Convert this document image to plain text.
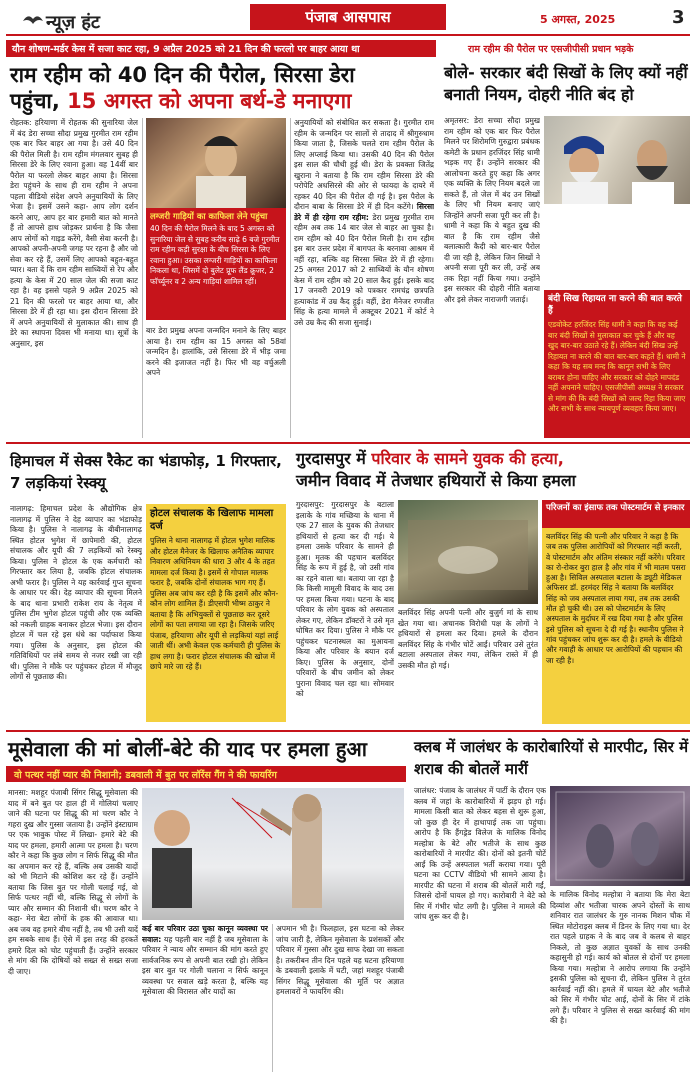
न्यूज़ हंट	पंजाब आसपास	5 अगस्त, 2025	3
यौन शोषण-मर्डर केस में सजा काट रहा, 9 अप्रैल 2025 को 21 दिन की फरलो पर बाहर आया था	राम रहीम की पैरोल पर एसजीपीसी प्रधान भड़के
राम रहीम को 40 दिन की पैरोल, सिरसा डेरा
पहुंचा, 15 अगस्त को अपना बर्थ-डे मनाएगा
रोहतक: हरियाणा में रोहतक की सुनारिया जेल में बंद डेरा सच्चा सौदा प्रमुख गुरमीत राम रहीम एक बार फिर बाहर आ गया है। उसे 40 दिन की पैरोल मिली है। राम रहीम मंगलवार सुबह ही सिरसा डेरे के लिए रवाना हुआ। वह 14वीं बार पैरोल या फरलो लेकर बाहर आया है। सिरसा डेरा पहुंचने के साथ ही राम रहीम ने अपना पहला वीडियो संदेश अपने अनुयायियों के लिए भेजा है। इसमें उसने कहा- आप लोग दर्शन करने आए, आप हर बार हमारी बात को मानते हैं तो आपसे हाथ जोड़कर प्रार्थना है कि जैसा आप लोगों को गाइड करेंगे, वैसी सेवा करनी है। आपको अपनी-अपनी जगह पर रहना है और जो सेवा कर रहे हैं, उसमें लिए आपको बहुत-बहुत प्यार। बता दें कि राम रहीम साध्वियों से रेप और हत्या के केस में 20 साल जेल की सजा काट रहा है। वह इससे पहले 9 अप्रैल 2025 को 21 दिन की फरलो पर बाहर आया था, और सिरसा डेरे में ही रहा था। इस दौरान सिरसा डेरे में अपने अनुयायियों से मुलाकात की। साथ ही डेरे का स्थापना दिवस भी मनाया था। सूत्रों के अनुसार, इस
लग्जरी गाड़ियों का काफिला लेने पहुंचा
40 दिन की पैरोल मिलने के बाद 5 अगस्त को सुनारिया जेल से सुबह करीब साढ़े 6 बजे गुरमीत राम रहीम कड़ी सुरक्षा के बीच सिरसा के लिए रवाना हुआ। उसका लग्जरी गाड़ियों का काफिला निकला था, जिसमें दो बुलेट प्रूफ लैंड क्रूजर, 2 फॉर्च्यूनर व 2 अन्य गाड़ियां शामिल रहीं।
बार डेरा प्रमुख अपना जन्मदिन मनाने के लिए बाहर आया है। राम रहीम का 15 अगस्त को 58वां जन्मदिन है। हालांकि, उसे सिरसा डेरे में भीड़ जमा करने की इजाजत नहीं है। फिर भी वह वर्चुअली अपने
अनुयायियों को संबोधित कर सकता है। गुरमीत राम रहीम के जन्मदिन पर सालों से तादाद में श्रीगुरुधाम किया जाता है, जिसके चलते राम रहीम पैरोल के लिए अप्लाई किया था। उसकी 40 दिन की पैरोल इस साल की चौथी हुई थी। डेरा के प्रवक्ता जितेंद्र खुराना ने बताया है कि राम रहीम सिरसा डेरे की परोपेटि अधसिरसे की ओर से फायदा के दायरे में रहकर 40 दिन की पैरोल दी गई है। इस पैरोल के दौरान बाबा के सिरसा डेरे में ही दिन कटेंगे। सिरसा डेरे में ही रहेगा राम रहीम: डेरा प्रमुख गुरमीत राम रहीम अब तक 14 बार जेल से बाहर आ चुका है। राम रहीम को 40 दिन पैरोल मिली है। राम रहीम इस बार उत्तर प्रदेश में बागपत के बरनावा आश्रम में नहीं रहा, बल्कि वह सिरसा स्थित डेरे में ही रहेगा। 25 अगस्त 2017 को 2 साध्वियों के यौन शोषण केस में राम रहीम को 20 साल कैद हुई। इसके बाद 17 जनवरी 2019 को पत्रकार रामचंद्र छत्रपति हत्याकांड में उम्र कैद हुई। वहीं, डेरा मैनेजर रणजीत सिंह के हत्या मामले में अक्टूबर 2021 में कोर्ट ने उसे उम्र कैद की सजा सुनाई।
बोले- सरकार बंदी सिखों के लिए क्यों नहीं बनाती नियम, दोहरी नीति बंद हो
अमृतसर: डेरा सच्चा सौदा प्रमुख राम रहीम को एक बार फिर पैरोल मिलने पर शिरोमणि गुरुद्वारा प्रबंधक कमेटी के प्रधान हरजिंदर सिंह धामी भड़क गए हैं। उन्होंने सरकार की आलोचना करते हुए कहा कि अगर एक व्यक्ति के लिए नियम बदले जा सकते हैं, तो जेल में बंद उन सिखों के लिए भी नियम बनाए जाएं जिन्होंने अपनी सजा पूरी कर ली है। धामी ने कहा कि ये बहुत दुख की बात है कि राम रहीम जैसे बलात्कारी कैदी को बार-बार पैरोल दी जा रही है, लेकिन जिन सिखों ने अपनी सजा पूरी कर ली, उन्हें अब तक रिहा नहीं किया गया। उन्होंने इस सरकार की दोहरी नीति बताया और इसे लेकर नाराजगी जताई।	बंदी सिख रिहायत ना करने की बात करते हैं
एडवोकेट हरजिंदर सिंह धामी ने कहा कि वह कई बार बंदी सिखों से मुलाकात कर चुके हैं और वह खुद बार-बार उठाते रहे हैं। लेकिन बंदी सिख उन्हें रिहायत ना करने की बात बार-बार कहते हैं। धामी ने कहा कि यह सब मन्द कि कानून सभी के लिए बराबर होना चाहिए और सरकार को दोहरे मापदंड नहीं अपनाने चाहिए। एसजीपीसी अध्यक्ष ने सरकार से मांग की कि बंदी सिखों को जल्द रिहा किया जाए और सभी के साथ न्यायपूर्ण व्यवहार किया जाए।
हिमाचल में सेक्स रैकेट का भंडाफोड़, 1 गिरफ्तार, 7 लड़कियां रेस्क्यू
नालागढ़: हिमाचल प्रदेश के औद्योगिक क्षेत्र नालागढ़ में पुलिस ने देह व्यापार का भंडाफोड़ किया है। पुलिस ने नालागढ़ के बीबीनालागढ़ स्थित होटल भुगेश में छापेमारी की, होटल संचालक और यूपी की 7 लड़कियों को रेस्क्यू किया। पुलिस ने होटल के एक कर्मचारी को गिरफ्तार कर लिया है, जबकि होटल संचालक अभी फरार है। पुलिस ने यह कार्रवाई गुप्त सूचना के आधार पर की। देह व्यापार की सूचना मिलने के बाद थाना प्रभारी राकेश राय के नेतृत्व में पुलिस टीम भुगेश होटल पहुंची और एक व्यक्ति को नकली ग्राहक बनाकर होटल भेजा। इस दौरान होटल में चल रहे इस धंधे का पर्दाफाश किया गया। पुलिस के अनुसार, इस होटल की गतिविधियों पर लंबे समय से नजर रखी जा रही थी। पुलिस ने मौके पर पहुंचकर होटल में मौजूद लोगों से पूछताछ की।
होटल संचालक के खिलाफ मामला दर्ज
पुलिस ने थाना नालागढ़ में होटल भुगेश मालिक और होटल मैनेजर के खिलाफ अनैतिक व्यापार निवारण अधिनियम की धारा 3 और 4 के तहत मामला दर्ज किया है। इसमें से गोपाल मालक फरार है, जबकि दोनों संचालक भाग गए हैं। पुलिस अब जांच कर रही है कि इसमें और कौन-कौन लोग शामिल हैं। डीएसपी भीष्म ठाकुर ने बताया है कि अभियुक्तों से पूछताछ कर दूसरे लोगों का पता लगाया जा रहा है। जिसके जरिए पंजाब, हरियाणा और यूपी से लड़कियां यहां लाई जाती थीं। अभी केवल एक कर्मचारी ही पुलिस के हाथ लगा है। फरार होटल संचालक की खोज में छापे मारे जा रहे हैं।
गुरदासपुर में परिवार के सामने युवक की हत्या,
जमीन विवाद में तेजधार हथियारों से किया हमला
गुरदासपुर: गुरदासपुर के बटाला इलाके के गांव मच्छिया के थाना में एक 27 साल के युवक की तेजधार हथियारों से हत्या कर दी गई। ये हमला उसके परिवार के सामने ही हुआ। मृतक की पहचान बलविंदर सिंह के रूप में हुई है, जो उसी गांव का रहने वाला था। बताया जा रहा है कि किसी मामूली विवाद के बाद उस पर हमला किया गया। घटना के बाद परिवार के लोग युवक को अस्पताल लेकर गए, लेकिन डॉक्टरों ने उसे मृत घोषित कर दिया। पुलिस ने मौके पर पहुंचकर घटनास्थल का मुआयना किया और परिवार के बयान दर्ज किए। पुलिस के अनुसार, दोनों परिवारों के बीच जमीन को लेकर पुराना विवाद चल रहा था। सोमवार को
बलविंदर सिंह अपनी पत्नी और बुजुर्ग मां के साथ खेत गया था। अचानक विरोधी पक्ष के लोगों ने हथियारों से हमला कर दिया। हमले के दौरान बलविंदर सिंह के गंभीर चोटें आईं। परिवार उसे तुरंत बटाला अस्पताल लेकर गया, लेकिन रास्ते में ही उसकी मौत हो गई।
परिजनों का इंसाफ तक पोस्टमार्टम से इनकार
बलविंदर सिंह की पत्नी और परिवार ने कहा है कि जब तक पुलिस आरोपियों को गिरफ्तार नहीं करती, वे पोस्टमार्टम और अंतिम संस्कार नहीं करेंगे। परिवार का रो-रोकर बुरा हाल है और गांव में भी मातम पसरा हुआ है। सिविल अस्पताल बटाला के ड्यूटी मेडिकल अफिसर डॉ. हरमंदर सिंह ने बताया कि बलविंदर सिंह को जब अस्पताल लाया गया, तब तक उसकी मौत हो चुकी थी। उस को पोस्टमार्टम के लिए अस्पताल के मुर्दाघर में रख दिया गया है और पुलिस इसे पुलिस को सूचना दे दी गई है। स्थानीय पुलिस ने गांव पहुंचकर जांच शुरू कर दी है। हमले के वीडियो और गवाही के आधार पर आरोपियों की पहचान की जा रही है।
मूसेवाला की मां बोलीं-बेटे की याद पर हमला हुआ
वो पत्थर नहीं प्यार की निशानी; डबवाली में बुत पर लॉरेंस गैंग ने की फायरिंग
मानसा: मशहूर पंजाबी सिंगर सिद्धू मूसेवाला की याद में बने बुत पर हाल ही में गोलियां चलाए जाने की घटना पर सिद्धू की मां चरण कौर ने गहरा दुख और गुस्सा जताया है। उन्होंने इंस्टाग्राम पर एक भावुक पोस्ट में लिखा- हमारे बेटे की याद पर हमला, हमारी आत्मा पर हमला है। चरण कौर ने कहा कि कुछ लोग न सिर्फ सिद्धू की मौत का अपमान कर रहे हैं, बल्कि अब उसकी यादों को भी मिटाने की कोशिश कर रहे हैं। उन्होंने बताया कि जिस बुत पर गोली चलाई गई, वो सिर्फ पत्थर नहीं थी, बल्कि सिद्धू से लोगों के प्यार और सम्मान की निशानी थी। चरण कौर ने कहा- मेरा बेटा लोगों के हक की आवाज था। अब जब वह हमारे बीच नहीं है, तब भी उसी यादें हम सबके साथ हैं। ऐसे में इस तरह की हरकतें हमारे दिल को चोट पहुंचाती हैं। उन्होंने सरकार से मांग की कि दोषियों को सख्त से सख्त सजा दी जाए।
कई बार परिवार उठा चुका कानून व्यवस्था पर सवाल: यह पहली बार नहीं है जब मूसेवाला के परिवार ने न्याय और सम्मान की मांग करते हुए सार्वजनिक रूप से अपनी बात रखी हो। लेकिन इस बार बुत पर गोली चलाना न सिर्फ कानून व्यवस्था पर सवाल खड़े करता है, बल्कि यह मूसेवाला की विरासत और यादों का
अपमान भी है। फिलहाल, इस घटना को लेकर जांच जारी है, लेकिन मूसेवाला के प्रशंसकों और परिवार में गुस्सा और दुख साफ देखा जा सकता है। तकरीबन तीन दिन पहले यह घटना हरियाणा के डबवाली इलाके में घटी, जहां मशहूर पंजाबी सिंगर सिद्धू मूसेवाला की मूर्ति पर अज्ञात हमलावरों ने फायरिंग की।
क्लब में जालंधर के कारोबारियों से मारपीट, सिर में शराब की बोतलें मारीं
जालंधर: पंजाब के जालंधर में पार्टी के दौरान एक क्लब में जहां के कारोबारियों में झड़प हो गई। मामला किसी बात को लेकर बहस से शुरू हुआ, जो कुछ ही देर में हाथापाई तक जा पहुंचा। आरोप है कि हैंगड्रेड विलेज के मालिक विनोद मल्होत्रा के बेटे और भतीजे के साथ कुछ कारोबारियों ने मारपीट की। दोनों को इतनी चोटें आईं कि उन्हें अस्पताल भर्ती कराया गया। पूरी घटना का CCTV वीडियो भी सामने आया है। मारपीट की घटना में शराब की बोतलें मारी गईं, जिससे दोनों घायल हो गए। कारोबारी ने बेटे को सिर में गंभीर चोट लगी है। पुलिस ने मामले की जांच शुरू कर दी है।
के मालिक विनोद मल्होत्रा ने बताया कि मेरा बेटा दिव्यांश और भतीजा चारक अपने दोस्तों के साथ शनिवार रात जालंधर के गुरु नानक मिशन चौक में स्थित मोटोराइस क्लब में डिनर के लिए गया था। देर रात पहले ग्राहक ने के बाद जब वे कलब से बाहर निकले, तो कुछ अज्ञात युवकों के साथ उनकी कहासुनी हो गई। कार्य को बोतल से दोनों पर हमला किया गया। मल्होत्रा ने आरोप लगाया कि उन्होंने इसकी पुलिस को सूचना दी, लेकिन पुलिस ने तुरंत कार्रवाई नहीं की। हमले में घायल बेटे और भतीजे को सिर में गंभीर चोट आई, दोनों के सिर में टांके लगे हैं। परिवार ने पुलिस से सख्त कार्रवाई की मांग की है।
